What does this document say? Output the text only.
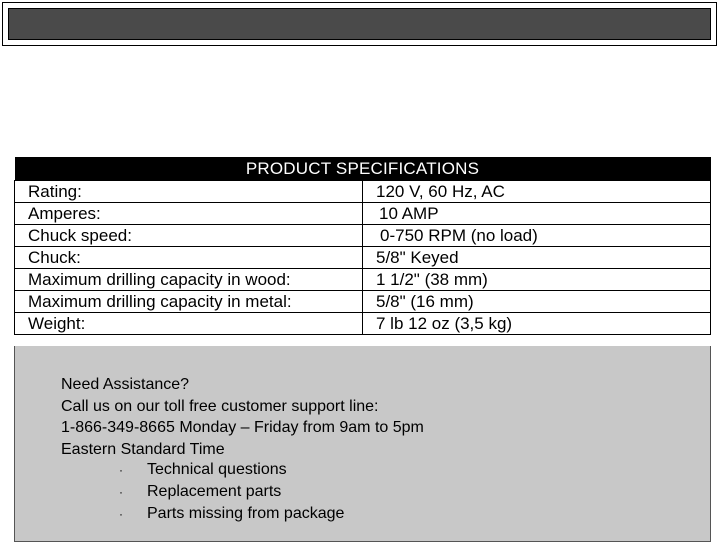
PRODUCT SPECIFICATIONS	
Rating:	120 V, 60 Hz, AC
Amperes:	10 AMP
Chuck speed:	0-750 RPM (no load)
Chuck:	5/8" Keyed
Maximum drilling capacity in wood:	1 1/2" (38 mm)
Maximum drilling capacity in metal:	5/8" (16 mm)
Weight:	7 lb 12 oz (3,5 kg)
Need Assistance?
Call us on our toll free customer support line:
1-866-349-8665 Monday – Friday from 9am to 5pm
Eastern Standard Time
· Technical questions
· Replacement parts
· Parts missing from package
